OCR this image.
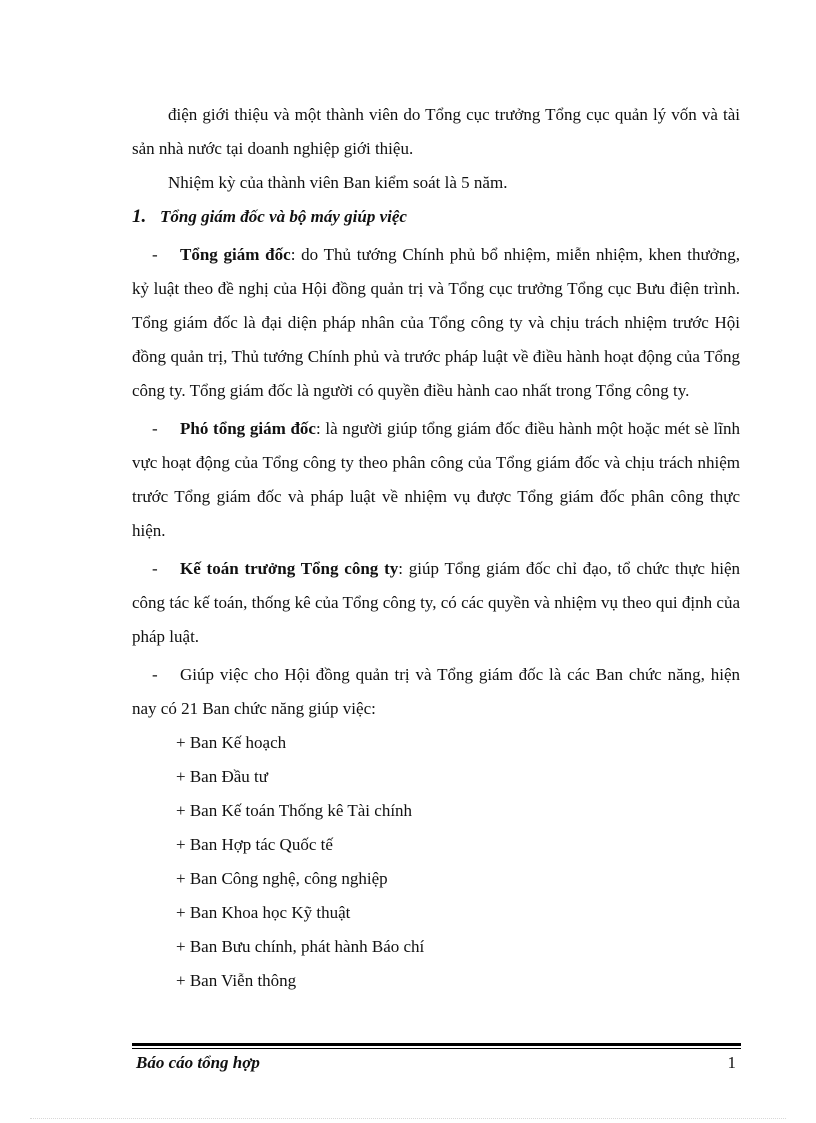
điện giới thiệu và một thành viên do Tổng cục trưởng Tổng cục quản lý vốn và tài sản nhà nước tại doanh nghiệp giới thiệu.

Nhiệm kỳ của thành viên Ban kiểm soát là 5 năm.

1. Tổng giám đốc và bộ máy giúp việc

- Tổng giám đốc: do Thủ tướng Chính phủ bổ nhiệm, miễn nhiệm, khen thưởng, kỷ luật theo đề nghị của Hội đồng quản trị và Tổng cục trưởng Tổng cục Bưu điện trình. Tổng giám đốc là đại diện pháp nhân của Tổng công ty và chịu trách nhiệm trước Hội đồng quản trị, Thủ tướng Chính phủ và trước pháp luật về điều hành hoạt động của Tổng công ty. Tổng giám đốc là người có quyền điều hành cao nhất trong Tổng công ty.

- Phó tổng giám đốc: là người giúp tổng giám đốc điều hành một hoặc mét sè lĩnh vực hoạt động của Tổng công ty theo phân công của Tổng giám đốc và chịu trách nhiệm trước Tổng giám đốc và pháp luật về nhiệm vụ được Tổng giám đốc phân công thực hiện.

- Kế toán trưởng Tổng công ty: giúp Tổng giám đốc chỉ đạo, tổ chức thực hiện công tác kế toán, thống kê của Tổng công ty, có các quyền và nhiệm vụ theo qui định của pháp luật.

- Giúp việc cho Hội đồng quản trị và Tổng giám đốc là các Ban chức năng, hiện nay có 21 Ban chức năng giúp việc:

+ Ban Kế hoạch
+ Ban Đầu tư
+ Ban Kế toán Thống kê Tài chính
+ Ban Hợp tác Quốc tế
+ Ban Công nghệ, công nghiệp
+ Ban Khoa học Kỹ thuật
+ Ban Bưu chính, phát hành Báo chí
+ Ban Viễn thông
Báo cáo tổng hợp	1
